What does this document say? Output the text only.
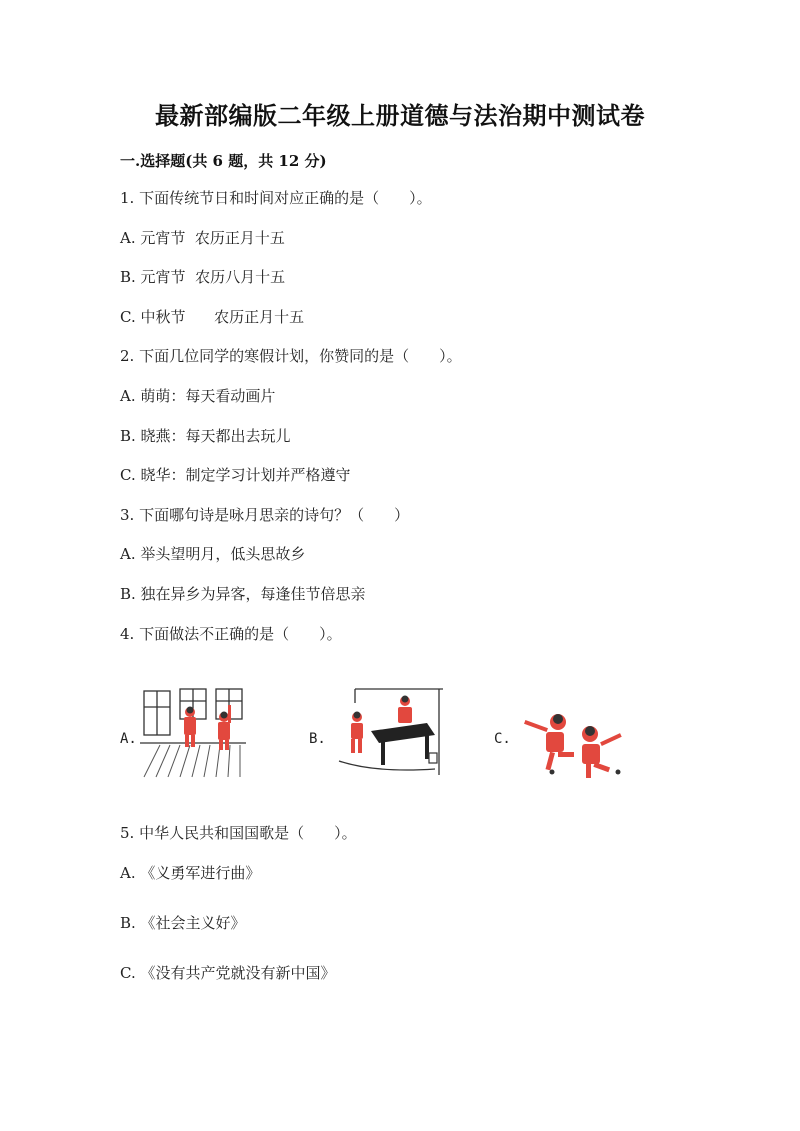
最新部编版二年级上册道德与法治期中测试卷
一.选择题(共 6 题，共 12 分)
1. 下面传统节日和时间对应正确的是（　　）。
A. 元宵节  农历正月十五
B. 元宵节  农历八月十五
C. 中秋节      农历正月十五
2. 下面几位同学的寒假计划，你赞同的是（　　）。
A. 萌萌：每天看动画片
B. 晓燕：每天都出去玩儿
C. 晓华：制定学习计划并严格遵守
3. 下面哪句诗是咏月思亲的诗句？（　　）
A. 举头望明月，低头思故乡
B. 独在异乡为异客，每逢佳节倍思亲
4. 下面做法不正确的是（　　）。
A.	B.	C.
5. 中华人民共和国国歌是（　　）。
A. 《义勇军进行曲》
B. 《社会主义好》
C. 《没有共产党就没有新中国》
